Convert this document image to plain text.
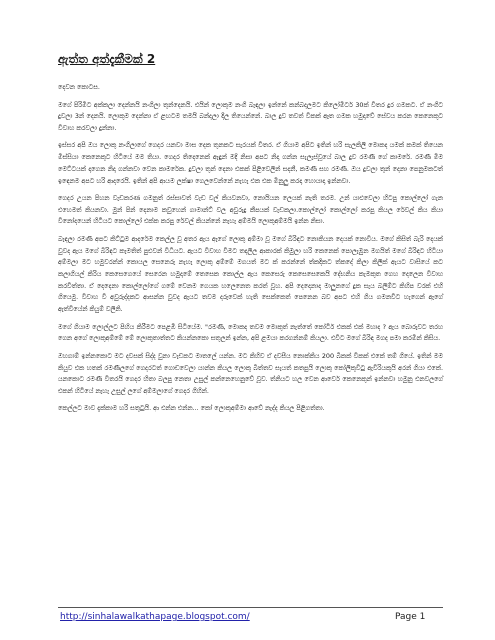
ඇත්ත අත්දැකීමක් 2

දෙවන කොටස.

මගේ පිරිමිට අක්කලා දෙන්නයි නංගිලා තුන්දෙනයි. එයින් ලොකුම නංගි බැඳලා ඉන්නේ කන්බදලමට කිලෝමීටර් 30ක් විතර දුර ගමකට. ඒ නංගිට දුවලා 3න් දෙනයි. ලොකුම දෙන්නා ඒ ළඟටම තමයි බන්දලා දීල තියෙන්නේ. බාල දුව තවත් විකක් ඈත ගමක හමුදාවේ සේවය කරන කෙනෙකුට විවාහ කරවලා දුන්නා.

ඉස්සර අපි ඔය ලොකු නංගිලාගේ ගෙදර යනවා මාස දෙක තුනකට සැරයක් විතර. ඒ ගියාම අපිට ඉතින් හරි සැලකිලි මොකද යමක් කමක් තියෙන මිස්සියා කෙනෙකුට හිටියේ මම තියා. ගෙදර තිදෙනෙක් ඇඳුන් මදි නිසා අපට නිදා ගන්න සැලැස්වූයේ බාල දුව රමණී ගේ කාමරේ. රමණී මිම මෙට්ටයක් දාගෙන නිදා ගන්නවා වෙන කාමරේක. දුවලා තුන් දෙනා එකක් පිළිවෙලින් සදනී, කමණී සහ රමණී. ඔය දුවලා තුන් දෙනා පෙනුමකටත් ඉඳෙනම අපට හරි ආදරෙයි. ඉතින් අපි ආයම ලක්ෂා ගෙලවෙන්නේ නැහැ එක එක මිනුලු කරදා හොයාදා ඉන්නවා.

ගෙදර උයන පිහන වැඩකරණ ගමනුත් රස්සාවත් වැඩ වල් කියවනවා, නොයියන ලෙයක් නැති තරම. උන් යාළුවෙලා හිටපු කොල්ලෝ ගැන එහෙමත් කියනවා. මුන් පින් දෙනාම කවුහෙන් ගාමාන්ට් වල අවුරුදු කීපයක් වැඩකලා.කොල්ලෝ කොල්ලෝ කරපු කියල රේවල් කිය කියා විනෝදයෙන් හිටියට කොල්ලෝ එක්ක කරපු රේවල් කියන්නේ නැහැ අම්මයි ලොකුඅම්මයි ඉන්න නිසා.

බැඳලා රමණී අපට කිට්ටුම ආදරේම කෙල්ල වූ අතර ඇය ඇගේ ලොකු අම්මා වූ මගේ බිරිඳට නොකියන දෙයක් නොවීය. මගේ කිසිත් බැරි දෙයක් වුවද ඇය මගේ බිරිඳට කැමතිත් පුළුවන් විධියට. ඇයට විවාහ විමට තදලිල ආකාරක් කිමුලා හරි කෙනෙක් පොලැඹුන මගයිත් මගේ බිරිඳට හිටියා අම්මලා මට හමුවරන්න් කොයල සෙනෙරු නැහැ ලොකු අම්මේ මගයත් මට ක් කරන්නේ ත්කදිකට ත්කදේ කිලා කිලීක් ඇයට වාසියේ කට කලාගියල් කිරිය කෙසෙගෙයේ සෙරෙන හමුදාමේ තෙසෙක කොල්ල ඇය කෙසෙරු කෙසෙසෙකෙයි දේභනිය කැමකුත ගෙහ දෙලෙන විවාහ කරවිත්තා. ඒ දෙදෙනා කොල්ලෝගේ ගමේ වෙනම ගෙයක හලෙනෙත කරත් වූහ. අපි දෙදෙනාද මාලුනගේ දුක සැය බලිම්ට කිහිප වරක් එහි ගියෙමු. විවාහ වී අවුරුද්දකට ආසන්න වුවද ඇයට තවම දරුවෙක් හැති සෙක්කෙත් පෙනෙන බව අපට එහි ගිය ගමනවිට හැගෙන් ඇගේ ඇත්වියේන් කියුම් වලිනි.

මගේ ගියාම ලොල්ලට පිහිය කිරීමට පෙළඹී සිටියේම. "රමණී, මොකද තවම මොකුත් නැත්තේ කෝටිර් එකක් එක් මහාද ? ඇය බොරුවට තරහ ගෙන අගේ ලොකුඅම්මේ මේ ලොකුතාත්තට කියන්නකො සතුලන් ඉන්න, අපි ළමයා කරගන්නම් කියලා. එවිට මගේ බිරිඳ මගද පමා කරමින් කිසිය.

ඔහගාම් ඉන්නකොට මට දවසක් සිද්ද වුනා වැඩකට මාතලේ යන්න. මට කිහිව ඒ දවසීය නොක්කිය 200 බිකක් විකක් එකේ තම් ගියේ. ඉතින් මම කියුව එක හතක් රමණීලගේ ගෙදරටත් ගොඩවෙලා යාන්න කියල ලොකු බිත්තව සැයත් කතපුයි ලොකු කෝලිකුවිටු ඇවිරියකුයි අරන් ගියා එකේ. යනකොට රමණී විතරයි ගෙදර හිතා බලපු නෙතා උසුල් කන්නෙහෙනුවේ වූව. ත්නියට හල වෙන ආවෙර් කෙනෙකුන් ඉන්නවා හමුනු එනවලගේ එකන් හිටියේ නැහැ උසුල් ලගේ අම්මලාගේ ගෙදර ගිහින්.

කෙල්ලට මාව දැක්කාම හරි සතුටුයි. ආ එන්න එන්න... කෝ ලොකුඅම්මා ආවේ නැද්ද කියල පිළිගත්තා.

http://sinhalawalkathapage.blogspot.com/	Page 1
